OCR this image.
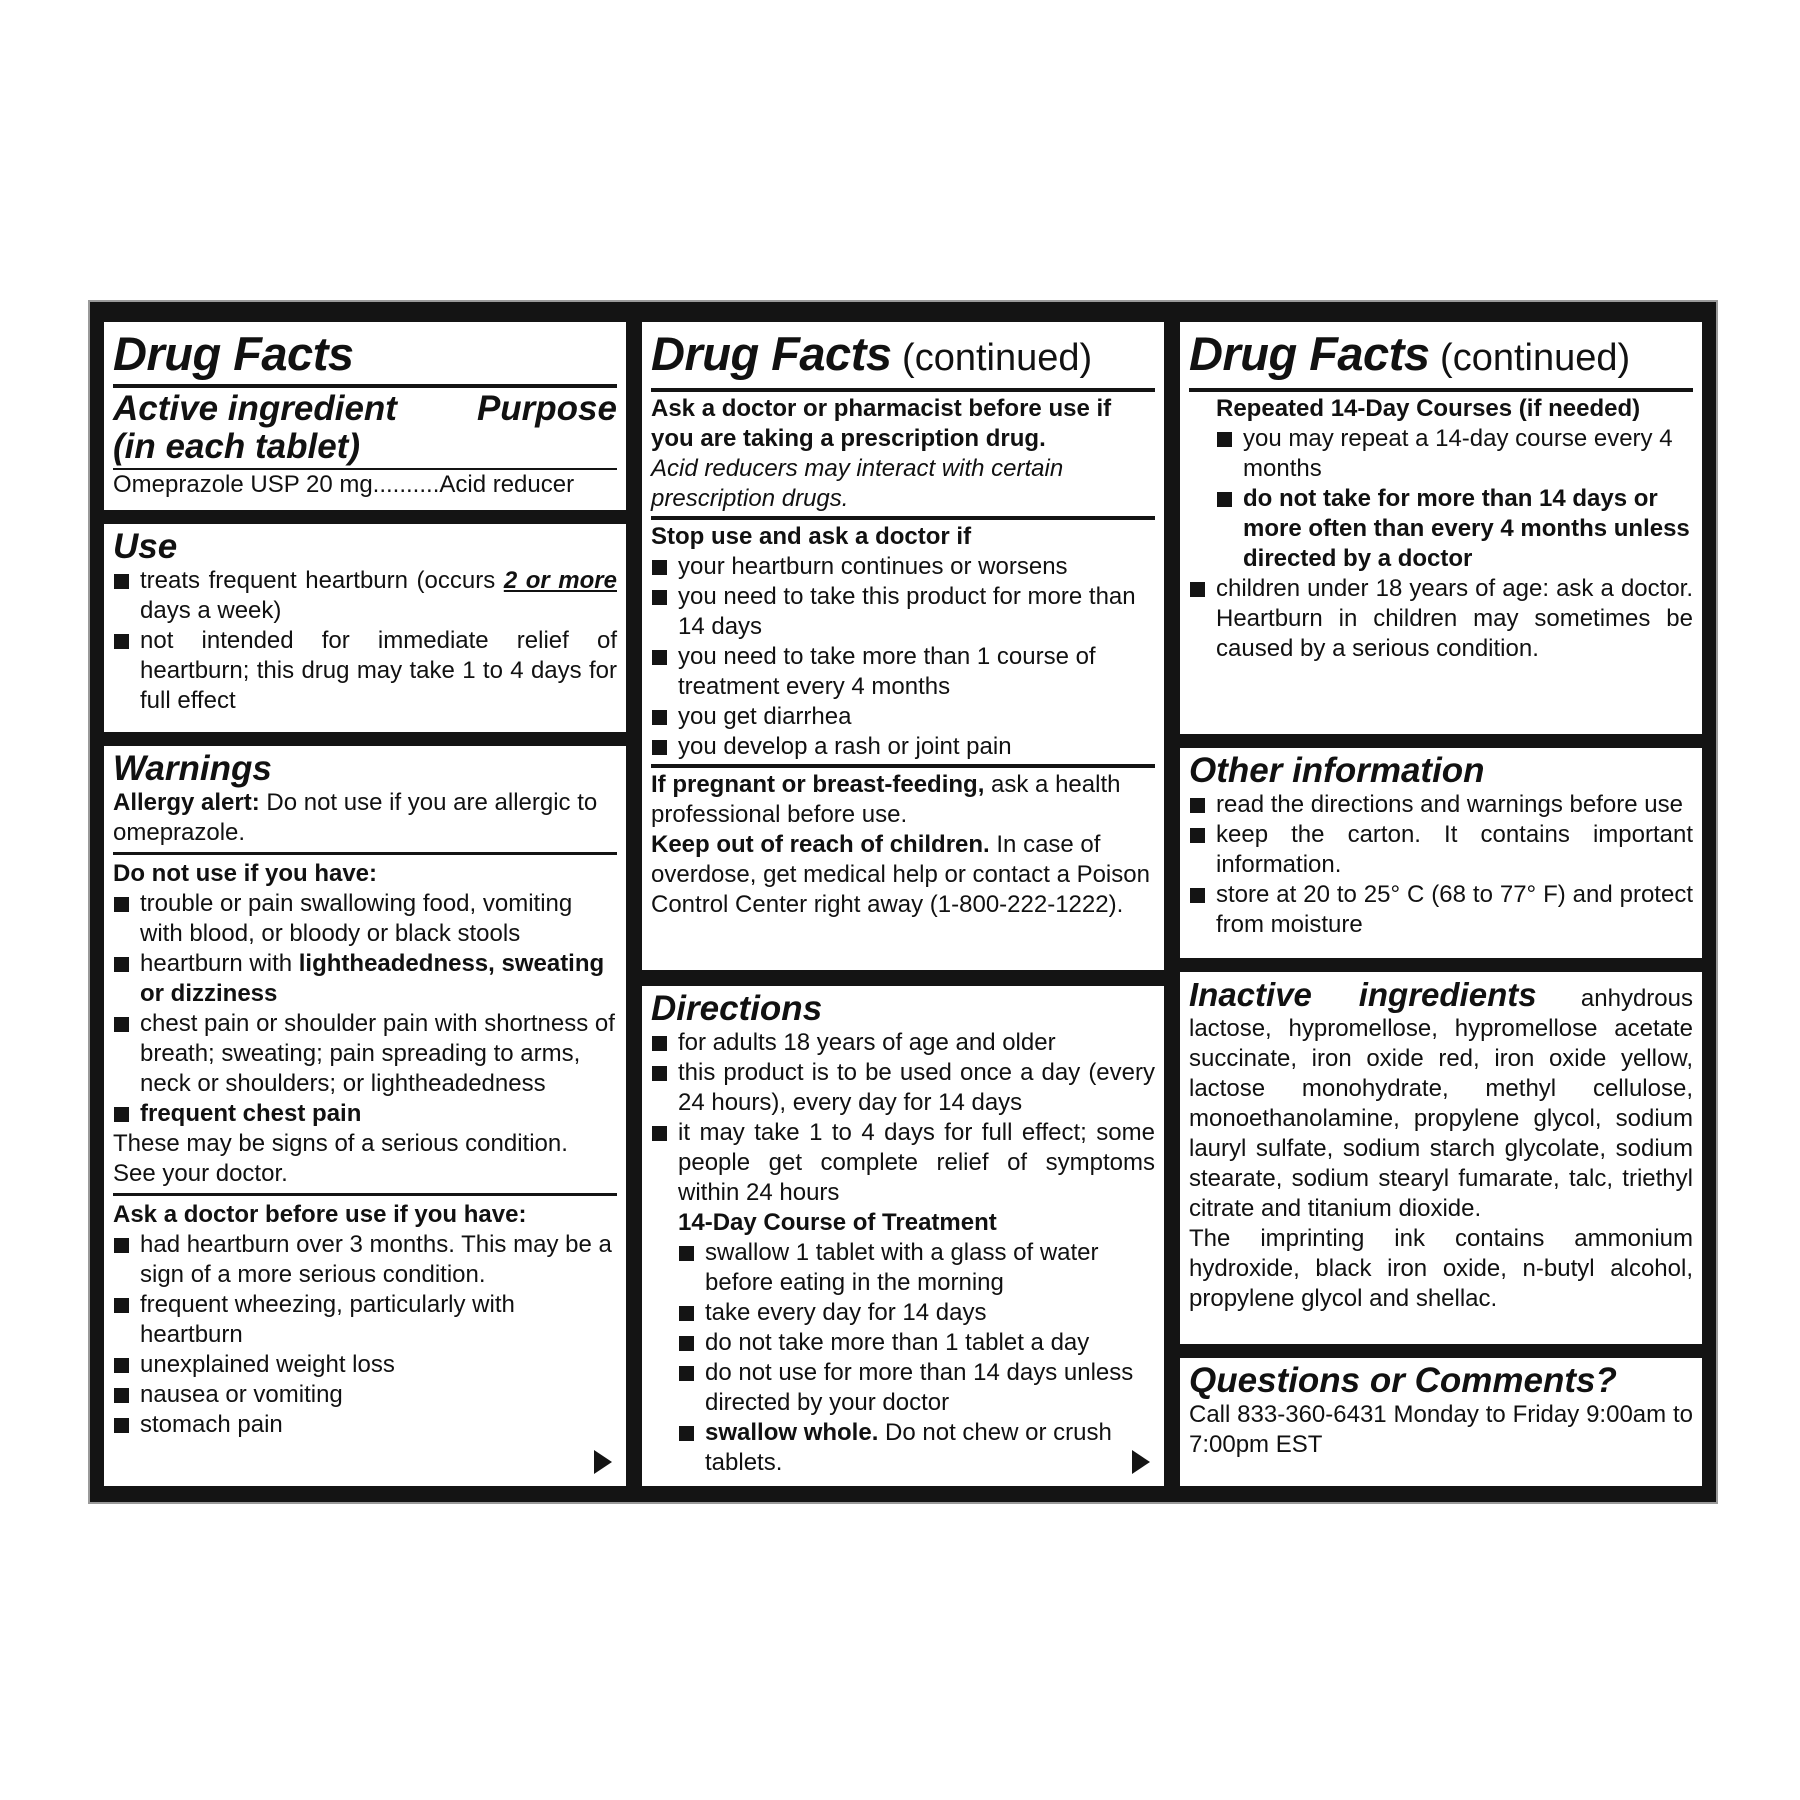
Drug Facts
Active ingredient
(in each tablet)
Purpose

Omeprazole USP 20 mg..........Acid reducer

Use
treats frequent heartburn (occurs 2 or more days a week)
not intended for immediate relief of heartburn; this drug may take 1 to 4 days for full effect
Warnings

Allergy alert: Do not use if you are allergic to omeprazole.

Do not use if you have:
trouble or pain swallowing food, vomiting with blood, or bloody or black stools
heartburn with lightheadedness, sweating or dizziness
chest pain or shoulder pain with shortness of breath; sweating; pain spreading to arms, neck or shoulders; or lightheadedness
frequent chest pain

These may be signs of a serious condition. See your doctor.

Ask a doctor before use if you have:
had heartburn over 3 months. This may be a sign of a more serious condition.
frequent wheezing, particularly with heartburn
unexplained weight loss
nausea or vomiting
stomach pain
Drug Facts (continued)
Ask a doctor or pharmacist before use if you are taking a prescription drug.

Acid reducers may interact with certain prescription drugs.

Stop use and ask a doctor if
your heartburn continues or worsens
you need to take this product for more than 14 days
you need to take more than 1 course of treatment every 4 months
you get diarrhea
you develop a rash or joint pain

If pregnant or breast-feeding, ask a health professional before use.

Keep out of reach of children. In case of overdose, get medical help or contact a Poison Control Center right away (1-800-222-1222).

Directions
for adults 18 years of age and older
this product is to be used once a day (every 24 hours), every day for 14 days
it may take 1 to 4 days for full effect; some people get complete relief of symptoms within 24 hours
14-Day Course of Treatment
swallow 1 tablet with a glass of water before eating in the morning
take every day for 14 days
do not take more than 1 tablet a day
do not use for more than 14 days unless directed by your doctor
swallow whole. Do not chew or crush tablets.
Drug Facts (continued)
Repeated 14-Day Courses (if needed)
you may repeat a 14-day course every 4 months
do not take for more than 14 days or more often than every 4 months unless directed by a doctor
children under 18 years of age: ask a doctor. Heartburn in children may sometimes be caused by a serious condition.
Other information
read the directions and warnings before use
keep the carton. It contains important information.
store at 20 to 25° C (68 to 77° F) and protect from moisture

Inactive ingredients anhydrous lactose, hypromellose, hypromellose acetate succinate, iron oxide red, iron oxide yellow, lactose monohydrate, methyl cellulose, monoethanolamine, propylene glycol, sodium lauryl sulfate, sodium starch glycolate, sodium stearate, sodium stearyl fumarate, talc, triethyl citrate and titanium dioxide.

The imprinting ink contains ammonium hydroxide, black iron oxide, n-butyl alcohol, propylene glycol and shellac.

Questions or Comments?

Call 833-360-6431 Monday to Friday 9:00am to 7:00pm EST
